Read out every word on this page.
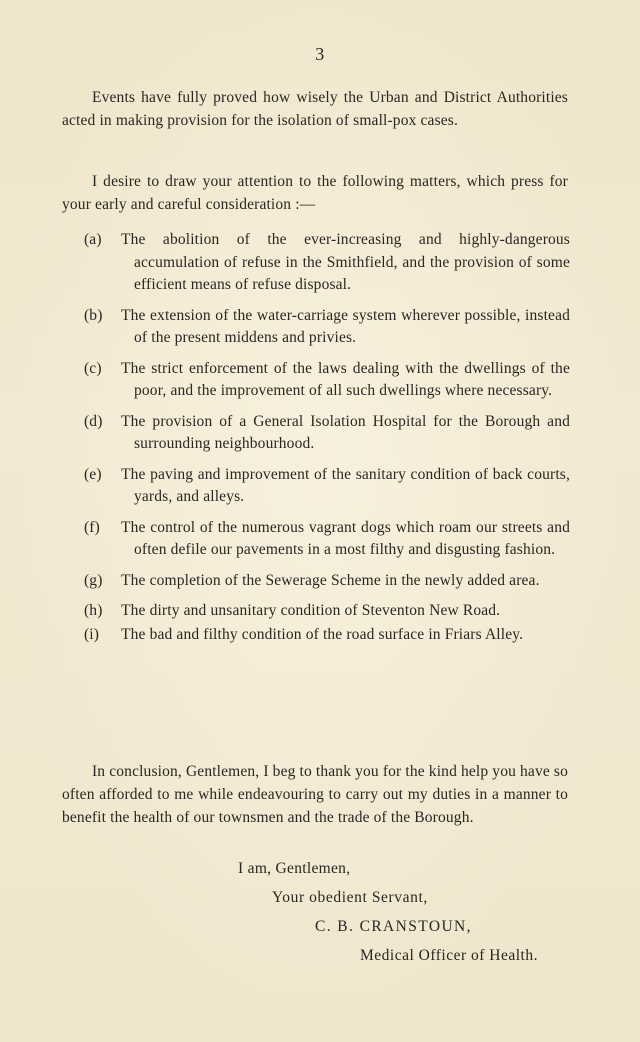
3

Events have fully proved how wisely the Urban and District Authorities acted in making provision for the isolation of small-pox cases.

I desire to draw your attention to the following matters, which press for your early and careful consideration :—

(a)	The abolition of the ever-increasing and highly-dangerous accumulation of refuse in the Smithfield, and the provision of some efficient means of refuse disposal.
(b)	The extension of the water-carriage system wherever possible, instead of the present middens and privies.
(c)	The strict enforcement of the laws dealing with the dwellings of the poor, and the improvement of all such dwellings where necessary.
(d)	The provision of a General Isolation Hospital for the Borough and surrounding neighbourhood.
(e)	The paving and improvement of the sanitary condition of back courts, yards, and alleys.
(f)	The control of the numerous vagrant dogs which roam our streets and often defile our pavements in a most filthy and disgusting fashion.
(g)	The completion of the Sewerage Scheme in the newly added area.
(h)	The dirty and unsanitary condition of Steventon New Road.
(i)	The bad and filthy condition of the road surface in Friars Alley.

In conclusion, Gentlemen, I beg to thank you for the kind help you have so often afforded to me while endeavouring to carry out my duties in a manner to benefit the health of our townsmen and the trade of the Borough.

I am, Gentlemen,
Your obedient Servant,
C. B. CRANSTOUN,
Medical Officer of Health.
